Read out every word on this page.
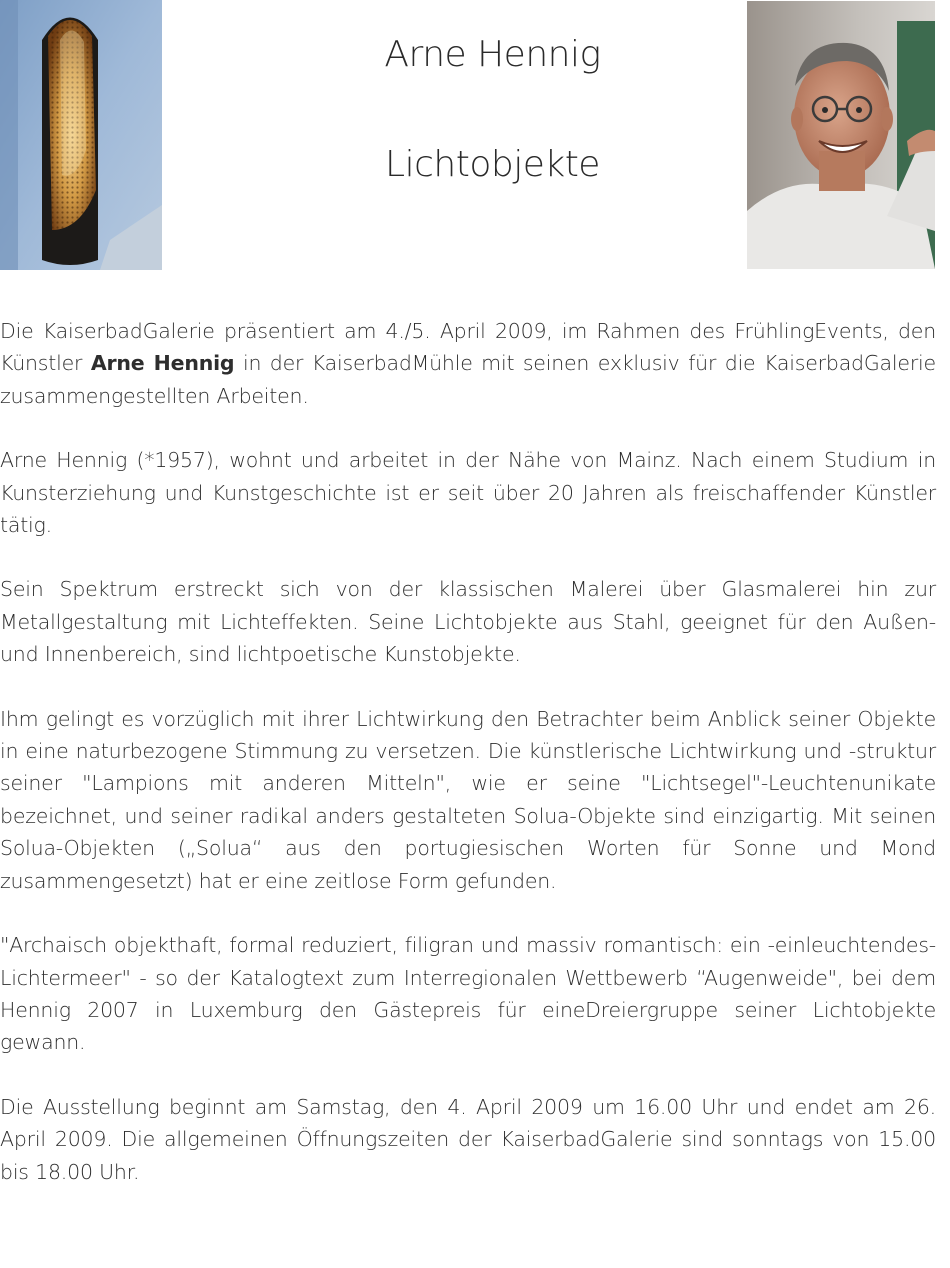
Arne Hennig
Lichtobjekte

Die KaiserbadGalerie präsentiert am 4./5. April 2009, im Rahmen des FrühlingEvents, den Künstler Arne Hennig in der KaiserbadMühle mit seinen exklusiv für die KaiserbadGalerie zusammengestellten Arbeiten.

Arne Hennig (*1957), wohnt und arbeitet in der Nähe von Mainz. Nach einem Studium in Kunsterziehung und Kunstgeschichte ist er seit über 20 Jahren als freischaffender Künstler tätig.

Sein Spektrum erstreckt sich von der klassischen Malerei über Glasmalerei hin zur Metallgestaltung mit Lichteffekten. Seine Lichtobjekte aus Stahl, geeignet für den Außen- und Innenbereich, sind lichtpoetische Kunstobjekte.

Ihm gelingt es vorzüglich mit ihrer Lichtwirkung den Betrachter beim Anblick seiner Objekte in eine naturbezogene Stimmung zu versetzen. Die künstlerische Lichtwirkung und -struktur seiner "Lampions mit anderen Mitteln", wie er seine "Lichtsegel"-Leuchtenunikate bezeichnet, und seiner radikal anders gestalteten Solua-Objekte sind einzigartig. Mit seinen Solua-Objekten („Solua“ aus den portugiesischen Worten für Sonne und Mond zusammengesetzt) hat er eine zeitlose Form gefunden.

"Archaisch objekthaft, formal reduziert, filigran und massiv romantisch: ein -einleuchtendes- Lichtermeer" - so der Katalogtext zum Interregionalen Wettbewerb “Augenweide", bei dem Hennig 2007 in Luxemburg den Gästepreis für eineDreiergruppe seiner Lichtobjekte gewann.

Die Ausstellung beginnt am Samstag, den 4. April 2009 um 16.00 Uhr und endet am 26. April 2009. Die allgemeinen Öffnungszeiten der KaiserbadGalerie sind sonntags von 15.00 bis 18.00 Uhr.
